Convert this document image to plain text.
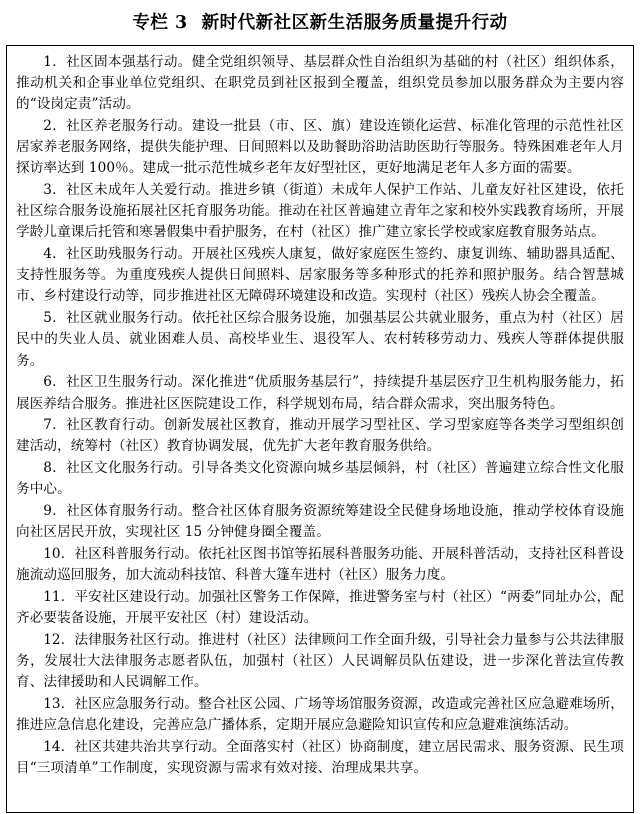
专栏 3 新时代新社区新生活服务质量提升行动

1．社区固本强基行动。健全党组织领导、基层群众性自治组织为基础的村（社区）组织体系，推动机关和企事业单位党组织、在职党员到社区报到全覆盖，组织党员参加以服务群众为主要内容的“设岗定责”活动。

2．社区养老服务行动。建设一批县（市、区、旗）建设连锁化运营、标准化管理的示范性社区居家养老服务网络，提供失能护理、日间照料以及助餐助浴助洁助医助行等服务。特殊困难老年人月探访率达到 100％。建成一批示范性城乡老年友好型社区，更好地满足老年人多方面的需要。

3．社区未成年人关爱行动。推进乡镇（街道）未成年人保护工作站、儿童友好社区建设，依托社区综合服务设施拓展社区托育服务功能。推动在社区普遍建立青年之家和校外实践教育场所，开展学龄儿童课后托管和寒暑假集中看护服务，在村（社区）推广建立家长学校或家庭教育服务站点。

4．社区助残服务行动。开展社区残疾人康复，做好家庭医生签约、康复训练、辅助器具适配、支持性服务等。为重度残疾人提供日间照料、居家服务等多种形式的托养和照护服务。结合智慧城市、乡村建设行动等，同步推进社区无障碍环境建设和改造。实现村（社区）残疾人协会全覆盖。

5．社区就业服务行动。依托社区综合服务设施，加强基层公共就业服务，重点为村（社区）居民中的失业人员、就业困难人员、高校毕业生、退役军人、农村转移劳动力、残疾人等群体提供服务。

6．社区卫生服务行动。深化推进“优质服务基层行”，持续提升基层医疗卫生机构服务能力，拓展医养结合服务。推进社区医院建设工作，科学规划布局，结合群众需求，突出服务特色。

7．社区教育行动。创新发展社区教育，推动开展学习型社区、学习型家庭等各类学习型组织创建活动，统筹村（社区）教育协调发展，优先扩大老年教育服务供给。

8．社区文化服务行动。引导各类文化资源向城乡基层倾斜，村（社区）普遍建立综合性文化服务中心。

9．社区体育服务行动。整合社区体育服务资源统筹建设全民健身场地设施，推动学校体育设施向社区居民开放，实现社区 15 分钟健身圈全覆盖。

10．社区科普服务行动。依托社区图书馆等拓展科普服务功能、开展科普活动，支持社区科普设施流动巡回服务，加大流动科技馆、科普大篷车进村（社区）服务力度。

11．平安社区建设行动。加强社区警务工作保障，推进警务室与村（社区）“两委”同址办公，配齐必要装备设施，开展平安社区（村）建设活动。

12．法律服务社区行动。推进村（社区）法律顾问工作全面升级，引导社会力量参与公共法律服务，发展壮大法律服务志愿者队伍，加强村（社区）人民调解员队伍建设，进一步深化普法宣传教育、法律援助和人民调解工作。

13．社区应急服务行动。整合社区公园、广场等场馆服务资源，改造或完善社区应急避难场所，推进应急信息化建设，完善应急广播体系，定期开展应急避险知识宣传和应急避难演练活动。

14．社区共建共治共享行动。全面落实村（社区）协商制度，建立居民需求、服务资源、民生项目“三项清单”工作制度，实现资源与需求有效对接、治理成果共享。
